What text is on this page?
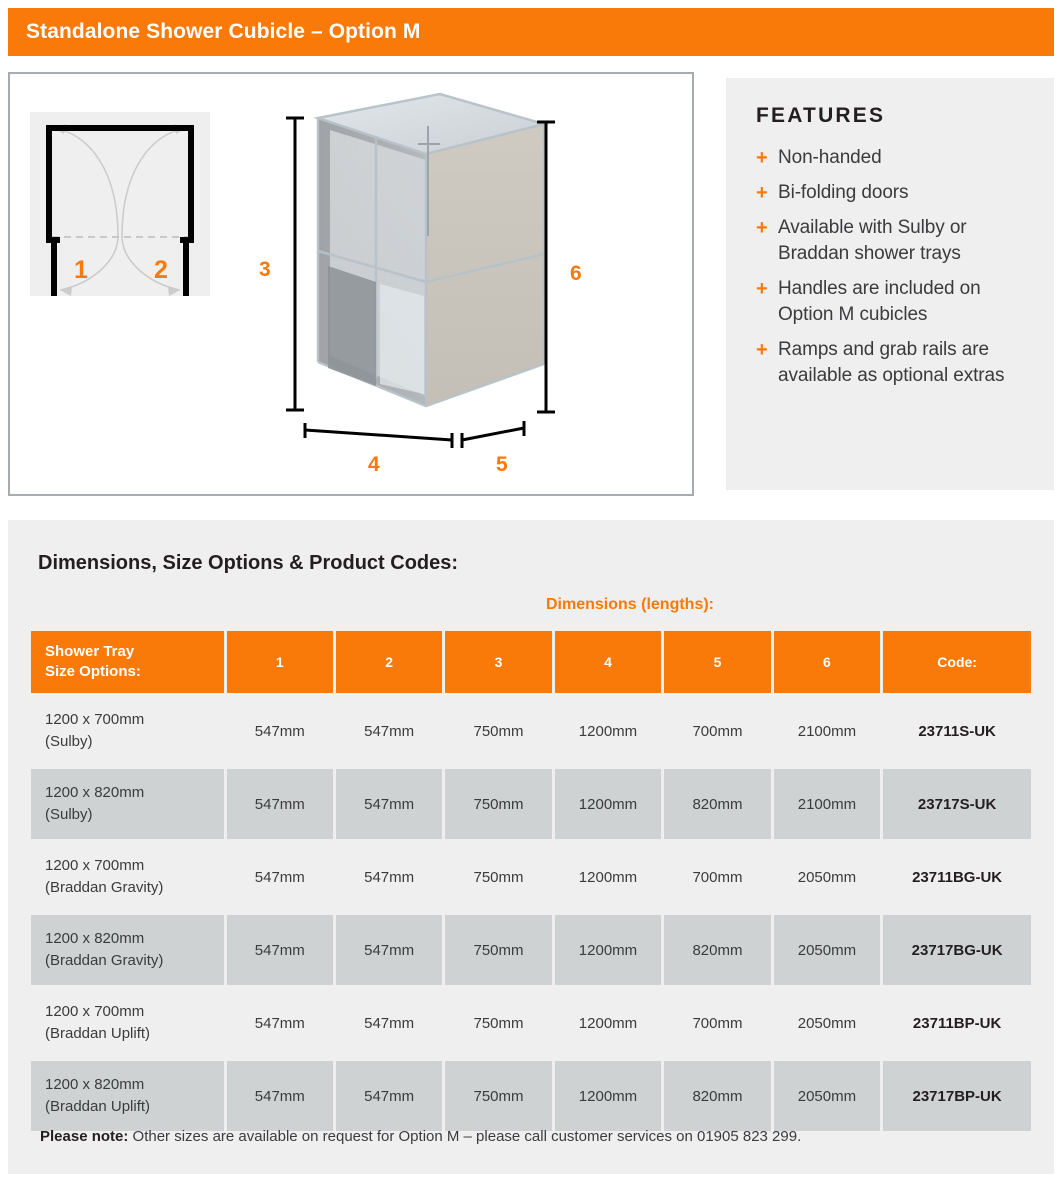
Standalone Shower Cubicle – Option M
1	2	3	6
4	5
FEATURES
+ Non-handed
+ Bi-folding doors
+ Available with Sulby or Braddan shower trays
+ Handles are included on Option M cubicles
+ Ramps and grab rails are available as optional extras
Dimensions, Size Options & Product Codes:
Dimensions (lengths):
Shower Tray
Size Options:	1	2	3	4	5	6	Code:
1200 x 700mm
(Sulby)	547mm	547mm	750mm	1200mm	700mm	2100mm	23711S-UK
1200 x 820mm
(Sulby)	547mm	547mm	750mm	1200mm	820mm	2100mm	23717S-UK
1200 x 700mm
(Braddan Gravity)	547mm	547mm	750mm	1200mm	700mm	2050mm	23711BG-UK
1200 x 820mm
(Braddan Gravity)	547mm	547mm	750mm	1200mm	820mm	2050mm	23717BG-UK
1200 x 700mm
(Braddan Uplift)	547mm	547mm	750mm	1200mm	700mm	2050mm	23711BP-UK
1200 x 820mm
(Braddan Uplift)	547mm	547mm	750mm	1200mm	820mm	2050mm	23717BP-UK
Please note: Other sizes are available on request for Option M – please call customer services on 01905 823 299.
